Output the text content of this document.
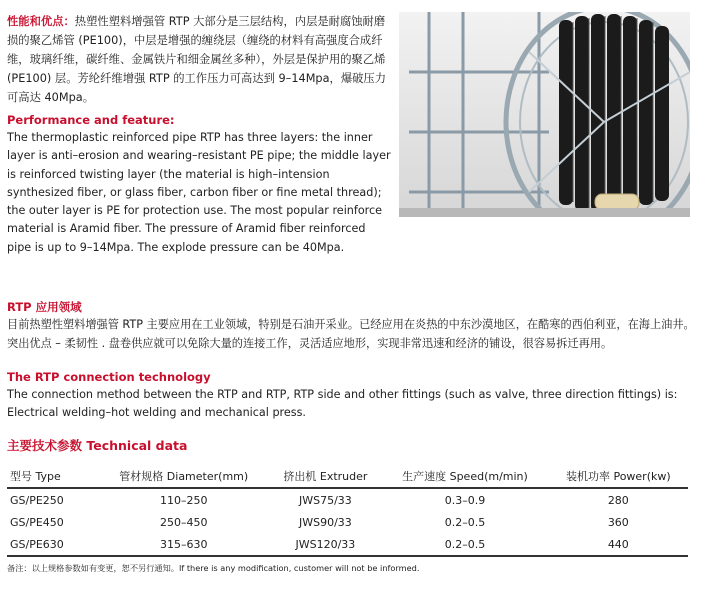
性能和优点：热塑性塑料增强管 RTP 大部分是三层结构，内层是耐腐蚀耐磨损的聚乙烯管 (PE100)，中层是增强的缠绕层（缠绕的材料有高强度合成纤维，玻璃纤维，碳纤维、金属铁片和细金属丝多种），外层是保护用的聚乙烯 (PE100) 层。芳纶纤维增强 RTP 的工作压力可高达到 9–14Mpa，爆破压力可高达 40Mpa。
Performance and feature:
The thermoplastic reinforced pipe RTP has three layers: the inner layer is anti–erosion and wearing–resistant PE pipe; the middle layer is reinforced twisting layer (the material is high–intension synthesized fiber, or glass fiber, carbon fiber or fine metal thread); the outer layer is PE for protection use. The most popular reinforce material is Aramid fiber. The pressure of Aramid fiber reinforced pipe is up to 9–14Mpa. The explode pressure can be 40Mpa.
RTP 应用领域
目前热塑性塑料增强管 RTP 主要应用在工业领域，特别是石油开采业。已经应用在炎热的中东沙漠地区，在酷寒的西伯利亚，在海上油井。突出优点 – 柔韧性 . 盘卷供应就可以免除大量的连接工作，灵活适应地形，实现非常迅速和经济的铺设，很容易拆迁再用。
The RTP connection technology
The connection method between the RTP and RTP, RTP side and other fittings (such as valve, three direction fittings) is: Electrical welding–hot welding and mechanical press.
主要技术参数 Technical data
型号 Type	管材规格 Diameter(mm)	挤出机 Extruder	生产速度 Speed(m/min)	装机功率 Power(kw)
GS/PE250	110–250	JWS75/33	0.3–0.9	280
GS/PE450	250–450	JWS90/33	0.2–0.5	360
GS/PE630	315–630	JWS120/33	0.2–0.5	440
备注：以上规格参数如有变更，恕不另行通知。If there is any modification, customer will not be informed.
